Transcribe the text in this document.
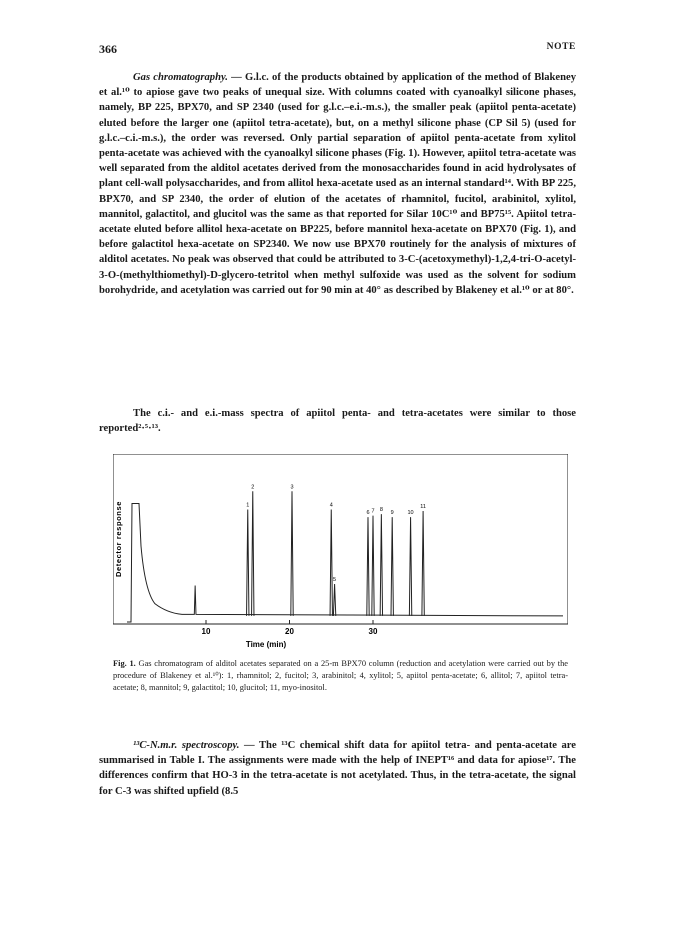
366	NOTE

Gas chromatography. — G.l.c. of the products obtained by application of the method of Blakeney et al.¹⁰ to apiose gave two peaks of unequal size. With columns coated with cyanoalkyl silicone phases, namely, BP 225, BPX70, and SP 2340 (used for g.l.c.–e.i.-m.s.), the smaller peak (apiitol penta-acetate) eluted before the larger one (apiitol tetra-acetate), but, on a methyl silicone phase (CP Sil 5) (used for g.l.c.–c.i.-m.s.), the order was reversed. Only partial separation of apiitol penta-acetate from xylitol penta-acetate was achieved with the cyanoalkyl silicone phases (Fig. 1). However, apiitol tetra-acetate was well separated from the alditol acetates derived from the monosaccharides found in acid hydrolysates of plant cell-wall polysaccharides, and from allitol hexa-acetate used as an internal standard¹⁴. With BP 225, BPX70, and SP 2340, the order of elution of the acetates of rhamnitol, fucitol, arabinitol, xylitol, mannitol, galactitol, and glucitol was the same as that reported for Silar 10C¹⁰ and BP75¹⁵. Apiitol tetra-acetate eluted before allitol hexa-acetate on BP225, before mannitol hexa-acetate on BPX70 (Fig. 1), and before galactitol hexa-acetate on SP2340. We now use BPX70 routinely for the analysis of mixtures of alditol acetates. No peak was observed that could be attributed to 3-C-(acetoxymethyl)-1,2,4-tri-O-acetyl-3-O-(methylthiomethyl)-D-glycero-tetritol when methyl sulfoxide was used as the solvent for sodium borohydride, and acetylation was carried out for 90 min at 40° as described by Blakeney et al.¹⁰ or at 80°.

The c.i.- and e.i.-mass spectra of apiitol penta- and tetra-acetates were similar to those reported²·⁵·¹³.

1
2	3
4
5
6 7 8
9	10
11
10	20	30
Detector response
Time (min)
Fig. 1. Gas chromatogram of alditol acetates separated on a 25-m BPX70 column (reduction and acetylation were carried out by the procedure of Blakeney et al.¹⁰): 1, rhamnitol; 2, fucitol; 3, arabinitol; 4, xylitol; 5, apiitol penta-acetate; 6, allitol; 7, apiitol tetra-acetate; 8, mannitol; 9, galactitol; 10, glucitol; 11, myo-inositol.

¹³C-N.m.r. spectroscopy. — The ¹³C chemical shift data for apiitol tetra- and penta-acetate are summarised in Table I. The assignments were made with the help of INEPT¹⁶ and data for apiose¹⁷. The differences confirm that HO-3 in the tetra-acetate is not acetylated. Thus, in the tetra-acetate, the signal for C-3 was shifted upfield (8.5
